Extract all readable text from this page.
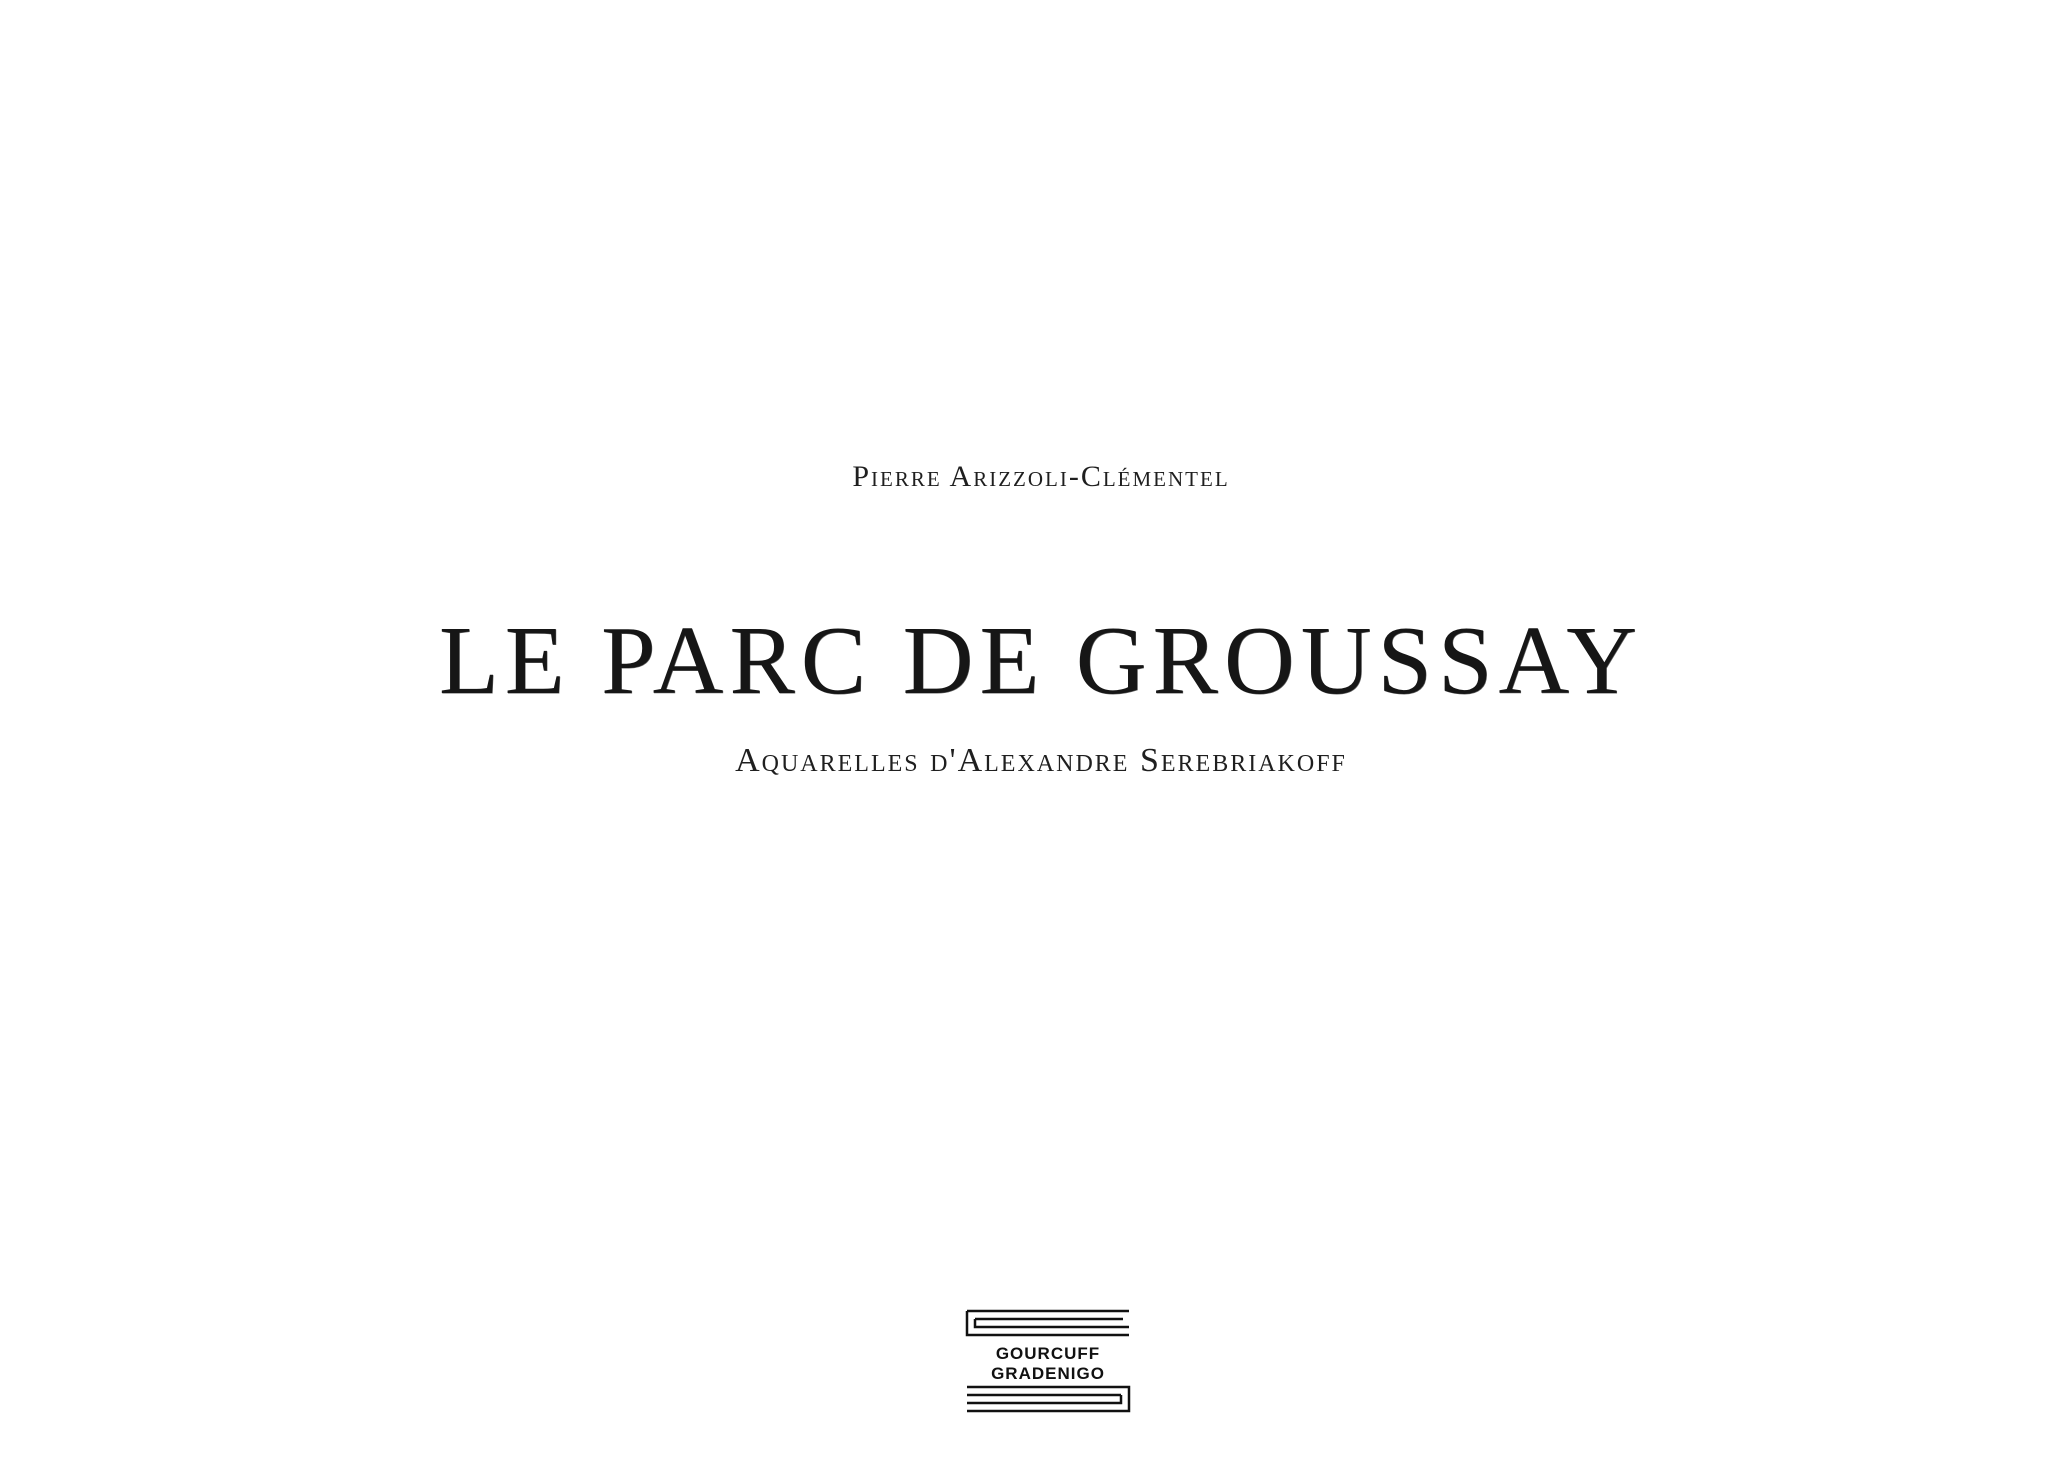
Pierre Arizzoli-Clémentel
LE PARC DE GROUSSAY
Aquarelles d'Alexandre Serebriakoff
GOURCUFF
GRADENIGO
